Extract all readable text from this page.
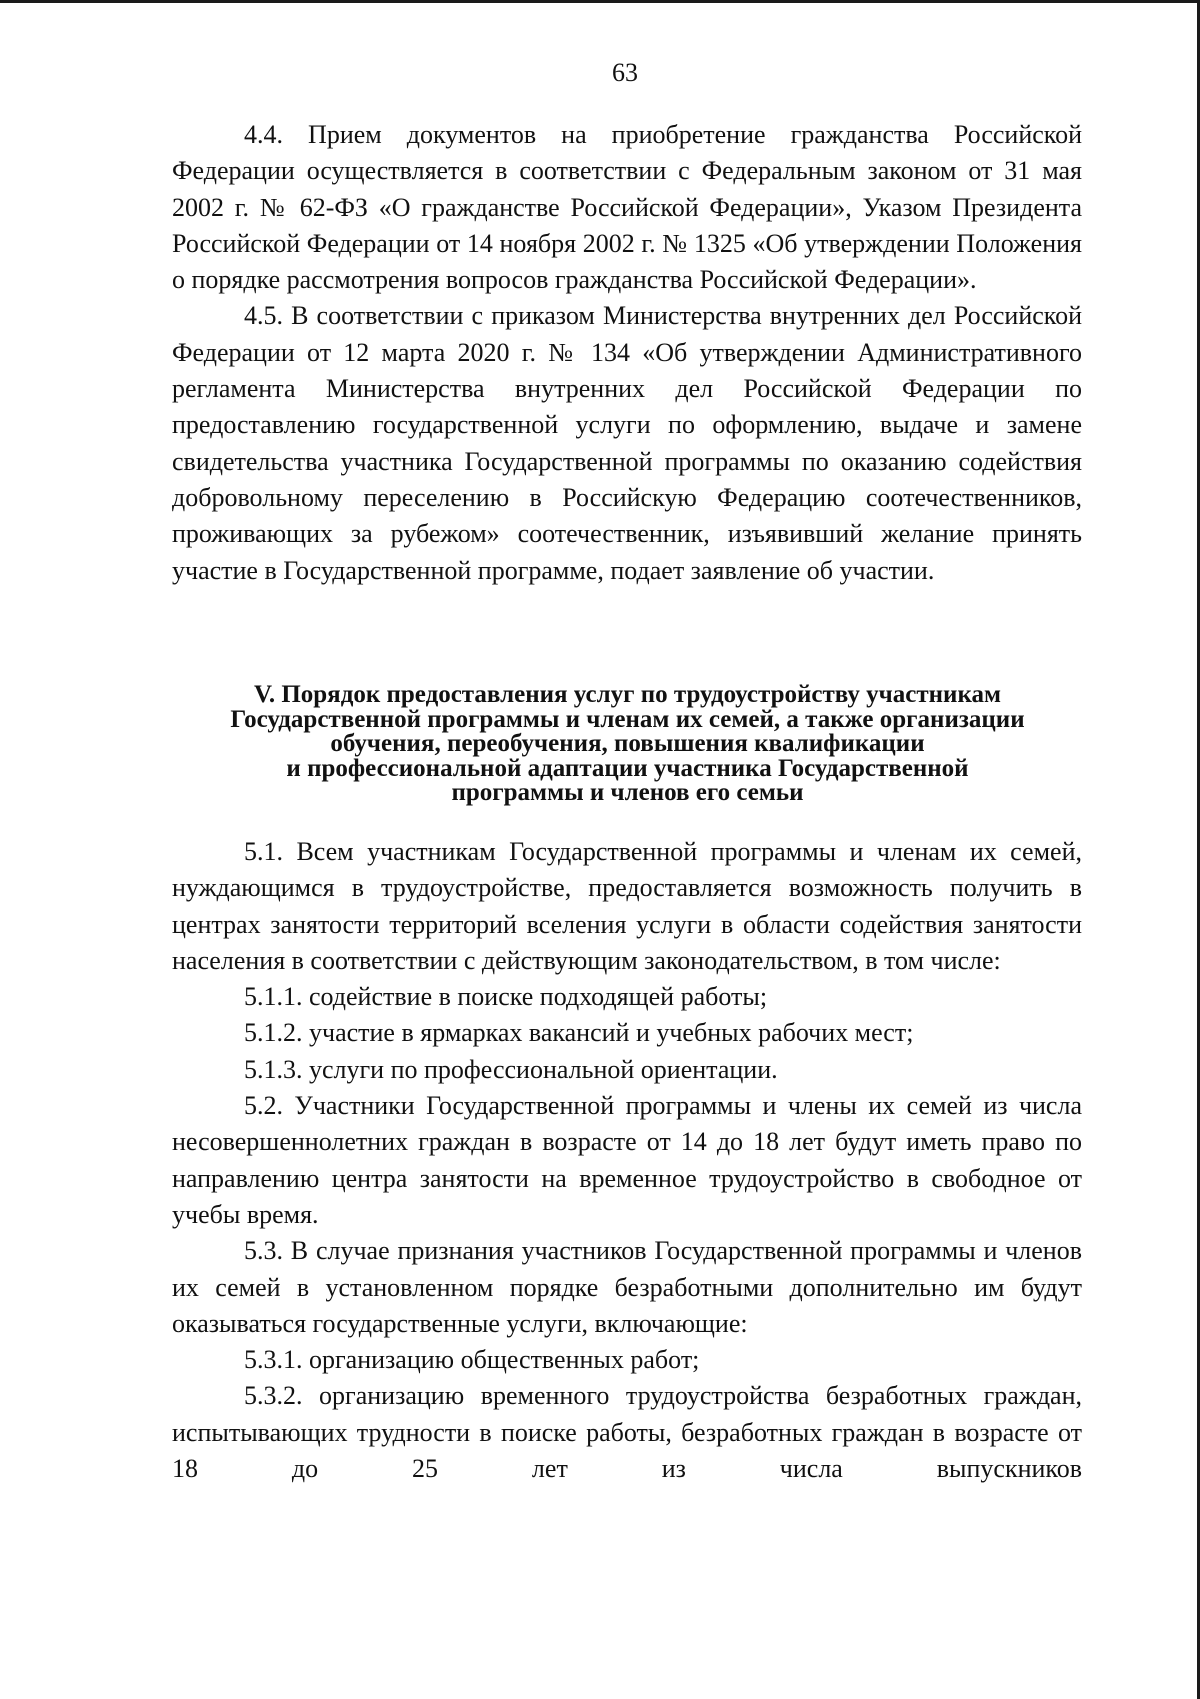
63

4.4. Прием документов на приобретение гражданства Российской Федерации осуществляется в соответствии с Федеральным законом от 31 мая 2002 г. № 62-ФЗ «О гражданстве Российской Федерации», Указом Президента Российской Федерации от 14 ноября 2002 г. № 1325 «Об утверждении Положения о порядке рассмотрения вопросов гражданства Российской Федерации».

4.5. В соответствии с приказом Министерства внутренних дел Российской Федерации от 12 марта 2020 г. № 134 «Об утверждении Административного регламента Министерства внутренних дел Российской Федерации по предоставлению государственной услуги по оформлению, выдаче и замене свидетельства участника Государственной программы по оказанию содействия добровольному переселению в Российскую Федерацию соотечественников, проживающих за рубежом» соотечественник, изъявивший желание принять участие в Государственной программе, подает заявление об участии.

V. Порядок предоставления услуг по трудоустройству участникам
Государственной программы и членам их семей, а также организации
обучения, переобучения, повышения квалификации
и профессиональной адаптации участника Государственной
программы и членов его семьи

5.1. Всем участникам Государственной программы и членам их семей, нуждающимся в трудоустройстве, предоставляется возможность получить в центрах занятости территорий вселения услуги в области содействия занятости населения в соответствии с действующим законодательством, в том числе:

5.1.1. содействие в поиске подходящей работы;

5.1.2. участие в ярмарках вакансий и учебных рабочих мест;

5.1.3. услуги по профессиональной ориентации.

5.2. Участники Государственной программы и члены их семей из числа несовершеннолетних граждан в возрасте от 14 до 18 лет будут иметь право по направлению центра занятости на временное трудоустройство в свободное от учебы время.

5.3. В случае признания участников Государственной программы и членов их семей в установленном порядке безработными дополнительно им будут оказываться государственные услуги, включающие:

5.3.1. организацию общественных работ;

5.3.2. организацию временного трудоустройства безработных граждан, испытывающих трудности в поиске работы, безработных граждан в возрасте от 18 до 25 лет из числа выпускников
